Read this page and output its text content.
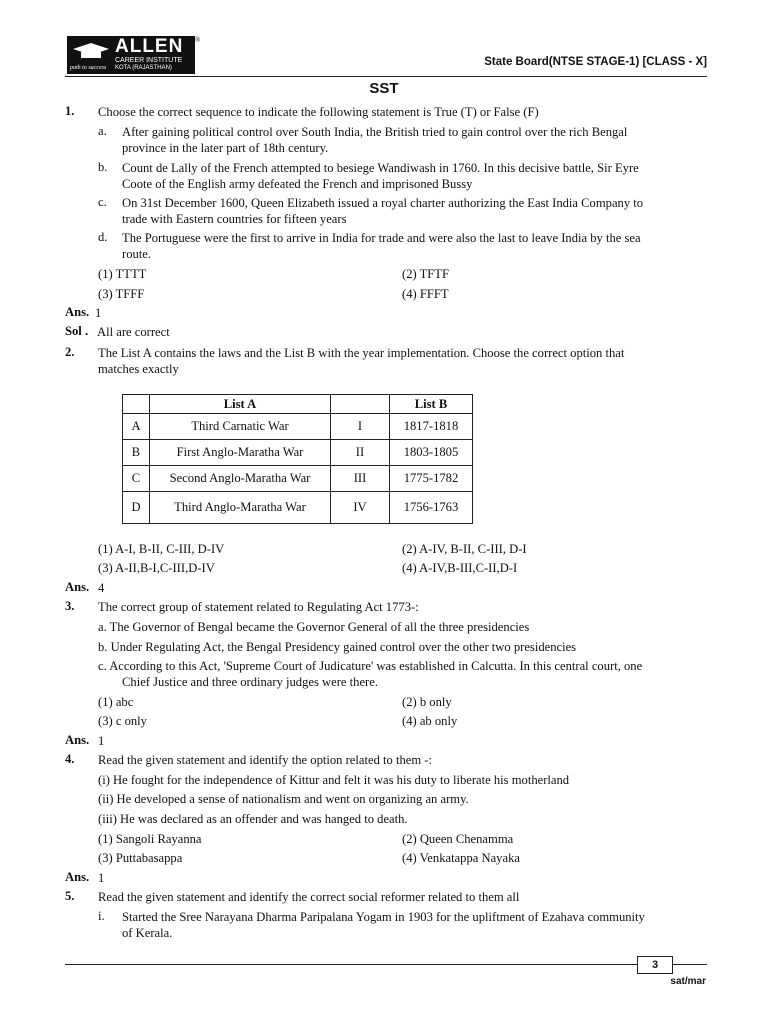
ALLEN
CAREER INSTITUTE
KOTA (RAJASTHAN)
path to success
®
State Board(NTSE STAGE-1) [CLASS - X]
SST
1. Choose the correct sequence to indicate the following statement is True (T) or False (F)
a. After gaining political control over South India, the British tried to gain control over the rich Bengal
province in the later part of 18th century.
b. Count de Lally of the French attempted to besiege Wandiwash in 1760. In this decisive battle, Sir Eyre
Coote of the English army defeated the French and imprisoned Bussy
c. On 31st December 1600, Queen Elizabeth issued a royal charter authorizing the East India Company to
trade with Eastern countries for fifteen years
d. The Portuguese were the first to arrive in India for trade and were also the last to leave India by the sea
route.
(1) TTTT	(2) TFTF
(3) TFFF	(4) FFFT
Ans. 1
Sol . All are correct
2. The List A contains the laws and the List B with the year implementation. Choose the correct option that
matches exactly
	List A		List B
A	Third Carnatic War	I	1817-1818
B	First Anglo-Maratha War	II	1803-1805
C	Second Anglo-Maratha War	III	1775-1782
D	Third Anglo-Maratha War	IV	1756-1763
(1) A-I, B-II, C-III, D-IV	(2) A-IV, B-II, C-III, D-I
(3) A-II,B-I,C-III,D-IV	(4) A-IV,B-III,C-II,D-I
Ans. 4
3. The correct group of statement related to Regulating Act 1773-:
a. The Governor of Bengal became the Governor General of all the three presidencies
b. Under Regulating Act, the Bengal Presidency gained control over the other two presidencies
c. According to this Act, 'Supreme Court of Judicature' was established in Calcutta. In this central court, one
Chief Justice and three ordinary judges were there.
(1) abc	(2) b only
(3) c only	(4) ab only
Ans. 1
4. Read the given statement and identify the option related to them -:
(i) He fought for the independence of Kittur and felt it was his duty to liberate his motherland
(ii) He developed a sense of nationalism and went on organizing an army.
(iii) He was declared as an offender and was hanged to death.
(1) Sangoli Rayanna	(2) Queen Chenamma
(3) Puttabasappa	(4) Venkatappa Nayaka
Ans. 1
5. Read the given statement and identify the correct social reformer related to them all
i. Started the Sree Narayana Dharma Paripalana Yogam in 1903 for the upliftment of Ezahava community
of Kerala.
3
sat/mar
